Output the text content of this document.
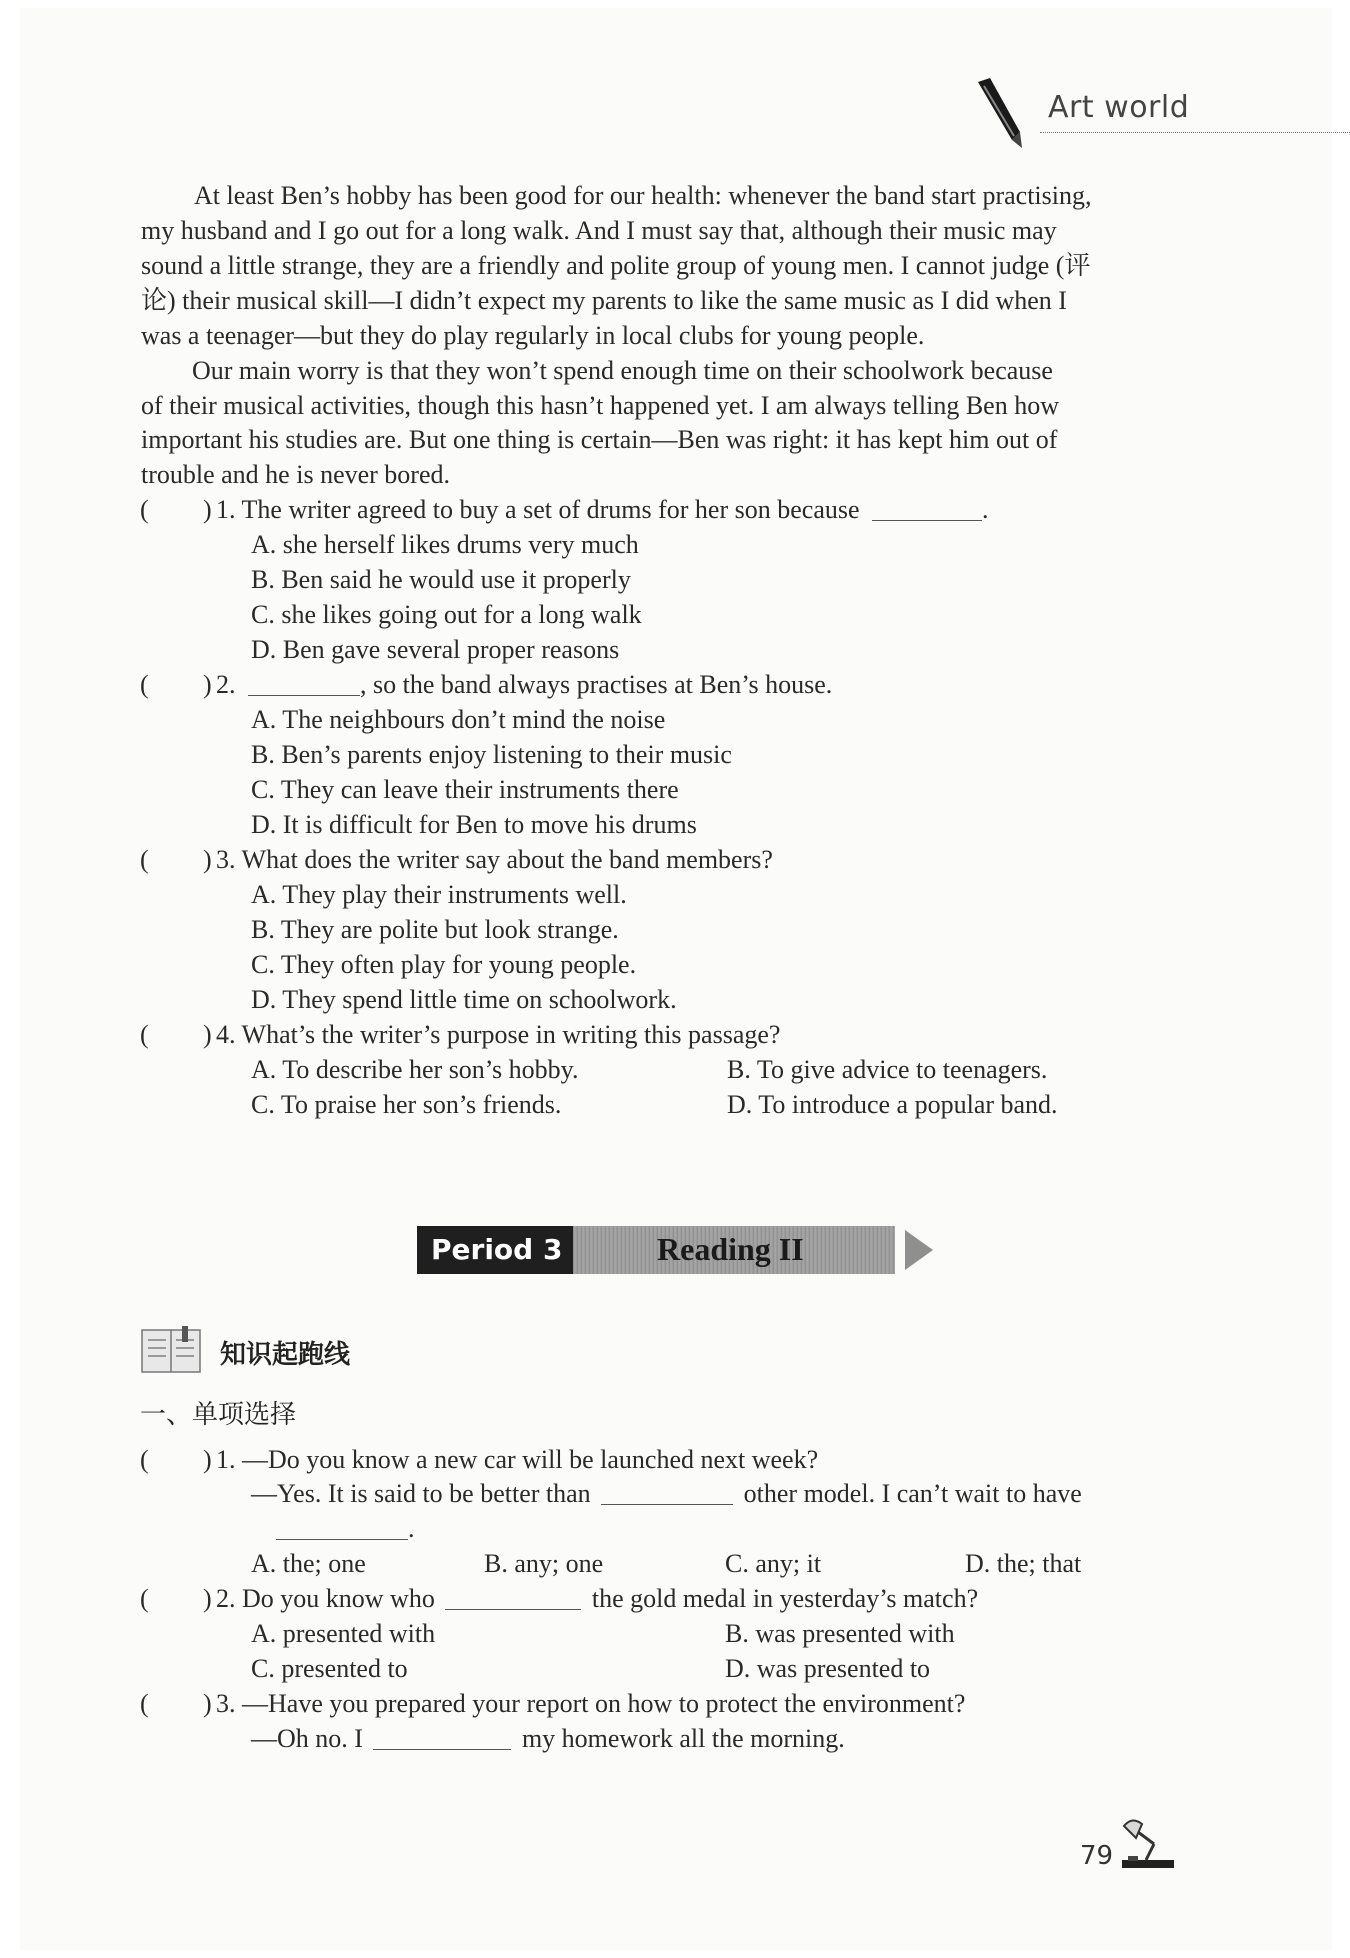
Art world
At least Ben’s hobby has been good for our health: whenever the band start practising,
my husband and I go out for a long walk. And I must say that, although their music may
sound a little strange, they are a friendly and polite group of young men. I cannot judge (评
论) their musical skill—I didn’t expect my parents to like the same music as I did when I
was a teenager—but they do play regularly in local clubs for young people.
Our main worry is that they won’t spend enough time on their schoolwork because
of their musical activities, though this hasn’t happened yet. I am always telling Ben how
important his studies are. But one thing is certain—Ben was right: it has kept him out of
trouble and he is never bored.
( ) 1. The writer agreed to buy a set of drums for her son because	.
A. she herself likes drums very much
B. Ben said he would use it properly
C. she likes going out for a long walk
D. Ben gave several proper reasons
( ) 2.	, so the band always practises at Ben’s house.
A. The neighbours don’t mind the noise
B. Ben’s parents enjoy listening to their music
C. They can leave their instruments there
D. It is difficult for Ben to move his drums
( ) 3. What does the writer say about the band members?
A. They play their instruments well.
B. They are polite but look strange.
C. They often play for young people.
D. They spend little time on schoolwork.
( ) 4. What’s the writer’s purpose in writing this passage?
A. To describe her son’s hobby.	B. To give advice to teenagers.
C. To praise her son’s friends.	D. To introduce a popular band.
Period 3	Reading II
知识起跑线
一、单项选择
( ) 1. —Do you know a new car will be launched next week?
—Yes. It is said to be better than	other model. I can’t wait to have
.
A. the; one	B. any; one	C. any; it	D. the; that
( ) 2. Do you know who	the gold medal in yesterday’s match?
A. presented with	B. was presented with
C. presented to	D. was presented to
( ) 3. —Have you prepared your report on how to protect the environment?
—Oh no. I	my homework all the morning.
79
